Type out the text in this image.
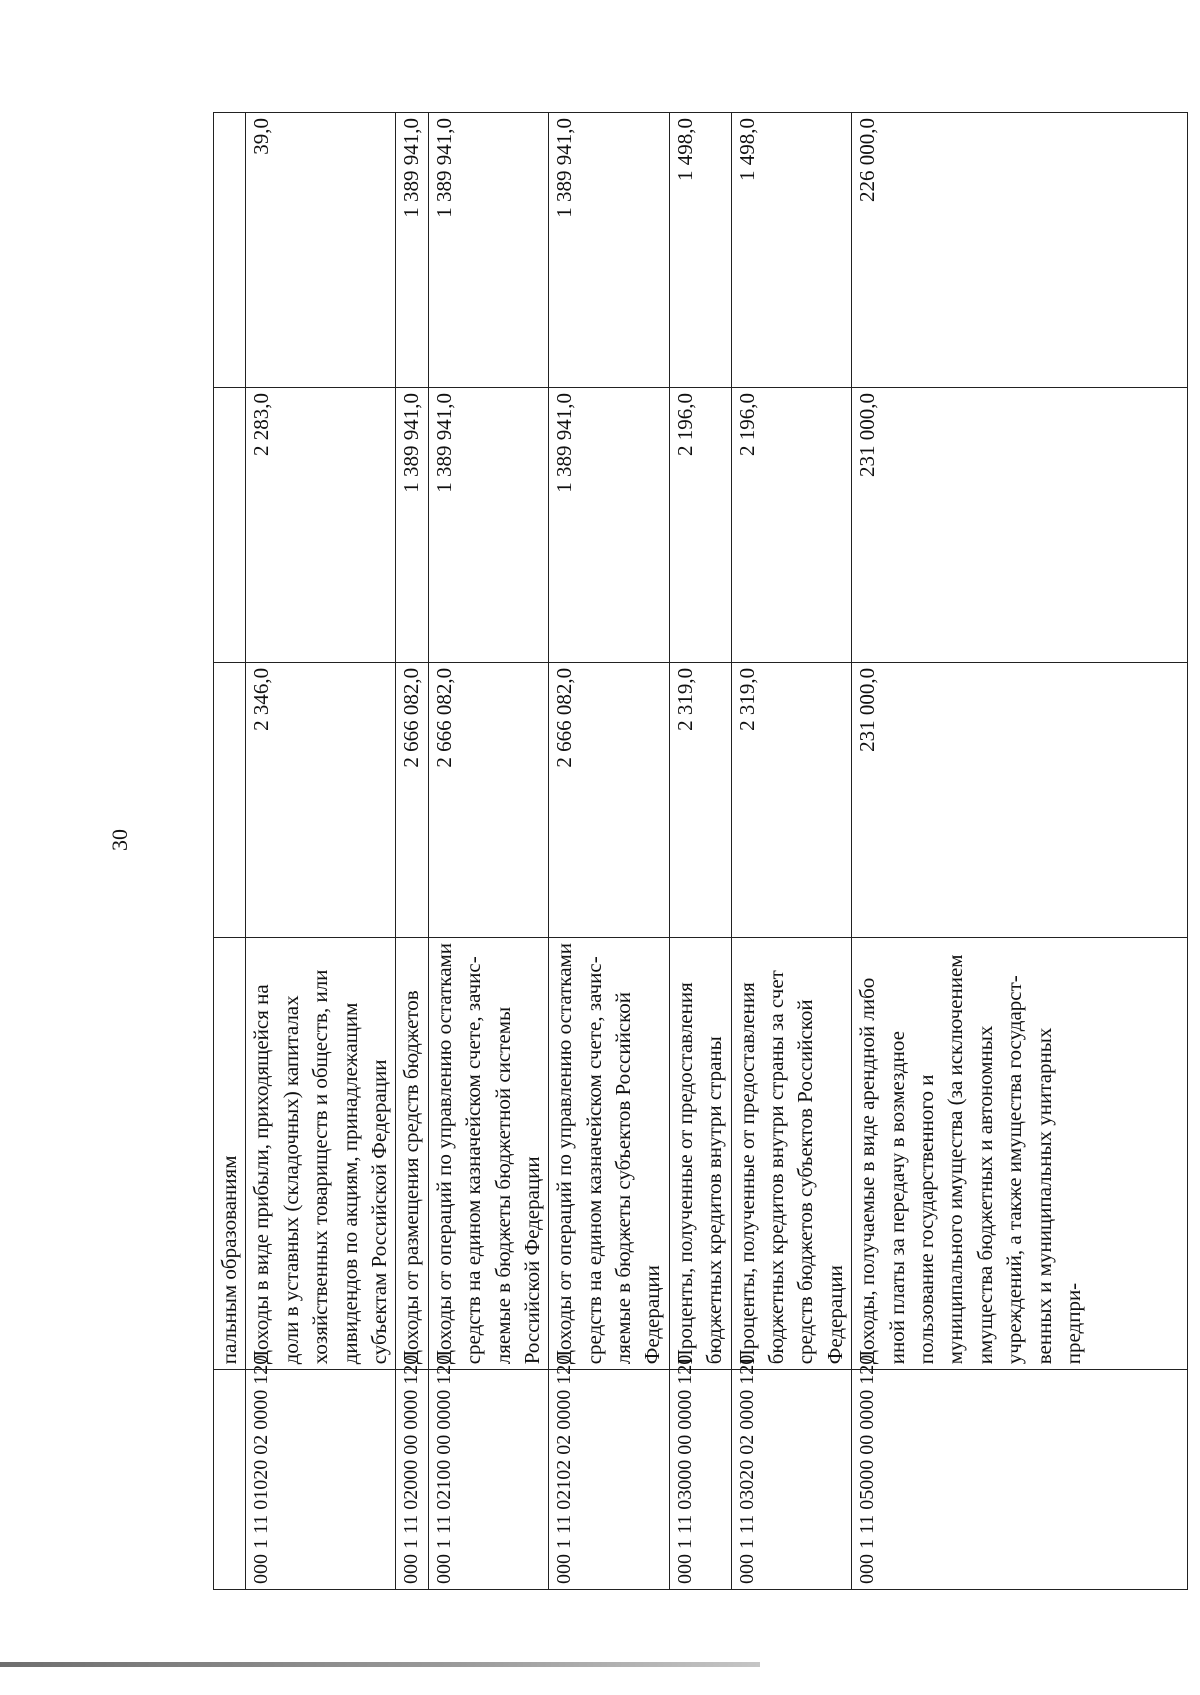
30
	пальным образованиям			
000 1 11 01020 02 0000 120	Доходы в виде прибыли, приходящейся на доли в уставных (складочных) капиталах хозяйственных товариществ и обществ, или дивидендов по акциям, принадлежащим субъектам Российской Федерации	2 346,0	2 283,0	39,0
000 1 11 02000 00 0000 120	Доходы от размещения средств бюджетов	2 666 082,0	1 389 941,0	1 389 941,0
000 1 11 02100 00 0000 120	Доходы от операций по управлению остатками средств на едином казначейском счете, зачисляемые в бюджеты бюджетной системы Российской Федерации	2 666 082,0	1 389 941,0	1 389 941,0
000 1 11 02102 02 0000 120	Доходы от операций по управлению остатками средств на едином казначейском счете, зачисляемые в бюджеты субъектов Российской Федерации	2 666 082,0	1 389 941,0	1 389 941,0
000 1 11 03000 00 0000 120	Проценты, полученные от предоставления бюджетных кредитов внутри страны	2 319,0	2 196,0	1 498,0
000 1 11 03020 02 0000 120	Проценты, полученные от предоставления бюджетных кредитов внутри страны за счет средств бюджетов субъектов Российской Федерации	2 319,0	2 196,0	1 498,0
000 1 11 05000 00 0000 120	Доходы, получаемые в виде арендной либо иной платы за передачу в возмездное пользование государственного и муниципального имущества (за исключением имущества бюджетных и автономных учреждений, а также имущества государственных и муниципальных унитарных предпри-	231 000,0	231 000,0	226 000,0
